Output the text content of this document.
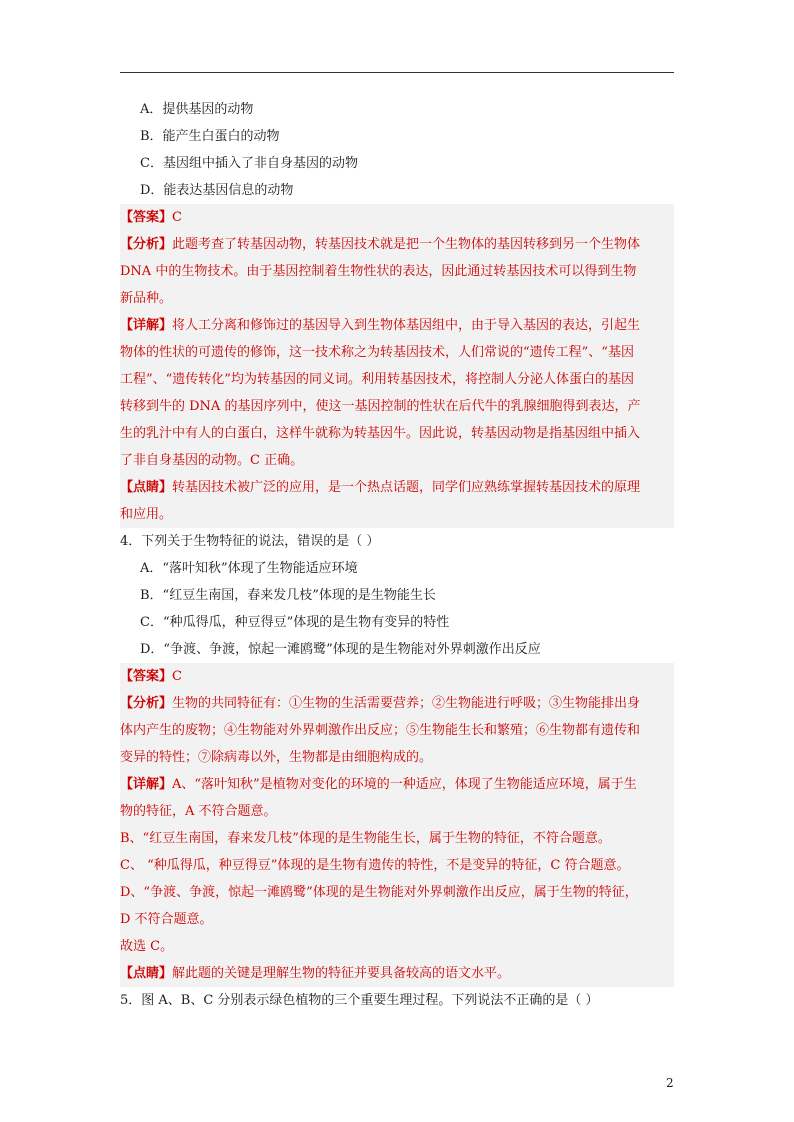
A．提供基因的动物
B．能产生白蛋白的动物
C．基因组中插入了非自身基因的动物
D．能表达基因信息的动物
【答案】C
【分析】此题考查了转基因动物，转基因技术就是把一个生物体的基因转移到另一个生物体
DNA 中的生物技术。由于基因控制着生物性状的表达，因此通过转基因技术可以得到生物
新品种。
【详解】将人工分离和修饰过的基因导入到生物体基因组中，由于导入基因的表达，引起生
物体的性状的可遗传的修饰，这一技术称之为转基因技术，人们常说的“遗传工程”、“基因
工程”、“遗传转化”均为转基因的同义词。利用转基因技术，将控制人分泌人体蛋白的基因
转移到牛的 DNA 的基因序列中，使这一基因控制的性状在后代牛的乳腺细胞得到表达，产
生的乳汁中有人的白蛋白，这样牛就称为转基因牛。因此说，转基因动物是指基因组中插入
了非自身基因的动物。C 正确。
【点睛】转基因技术被广泛的应用，是一个热点话题，同学们应熟练掌握转基因技术的原理
和应用。
4．下列关于生物特征的说法，错误的是（ ）
A．“落叶知秋”体现了生物能适应环境
B．“红豆生南国，春来发几枝”体现的是生物能生长
C．“种瓜得瓜，种豆得豆”体现的是生物有变异的特性
D．“争渡、争渡，惊起一滩鸥鹭”体现的是生物能对外界刺激作出反应
【答案】C
【分析】生物的共同特征有：①生物的生活需要营养；②生物能进行呼吸；③生物能排出身
体内产生的废物；④生物能对外界刺激作出反应；⑤生物能生长和繁殖；⑥生物都有遗传和
变异的特性；⑦除病毒以外，生物都是由细胞构成的。
【详解】A、“落叶知秋”是植物对变化的环境的一种适应，体现了生物能适应环境，属于生
物的特征，A 不符合题意。
B、“红豆生南国，春来发几枝”体现的是生物能生长，属于生物的特征，不符合题意。
C、 “种瓜得瓜，种豆得豆”体现的是生物有遗传的特性，不是变异的特征，C 符合题意。
D、“争渡、争渡，惊起一滩鸥鹭”体现的是生物能对外界刺激作出反应，属于生物的特征，
D 不符合题意。
故选 C。
【点睛】解此题的关键是理解生物的特征并要具备较高的语文水平。
5．图 A、B、C 分别表示绿色植物的三个重要生理过程。下列说法不正确的是（ ）
2
